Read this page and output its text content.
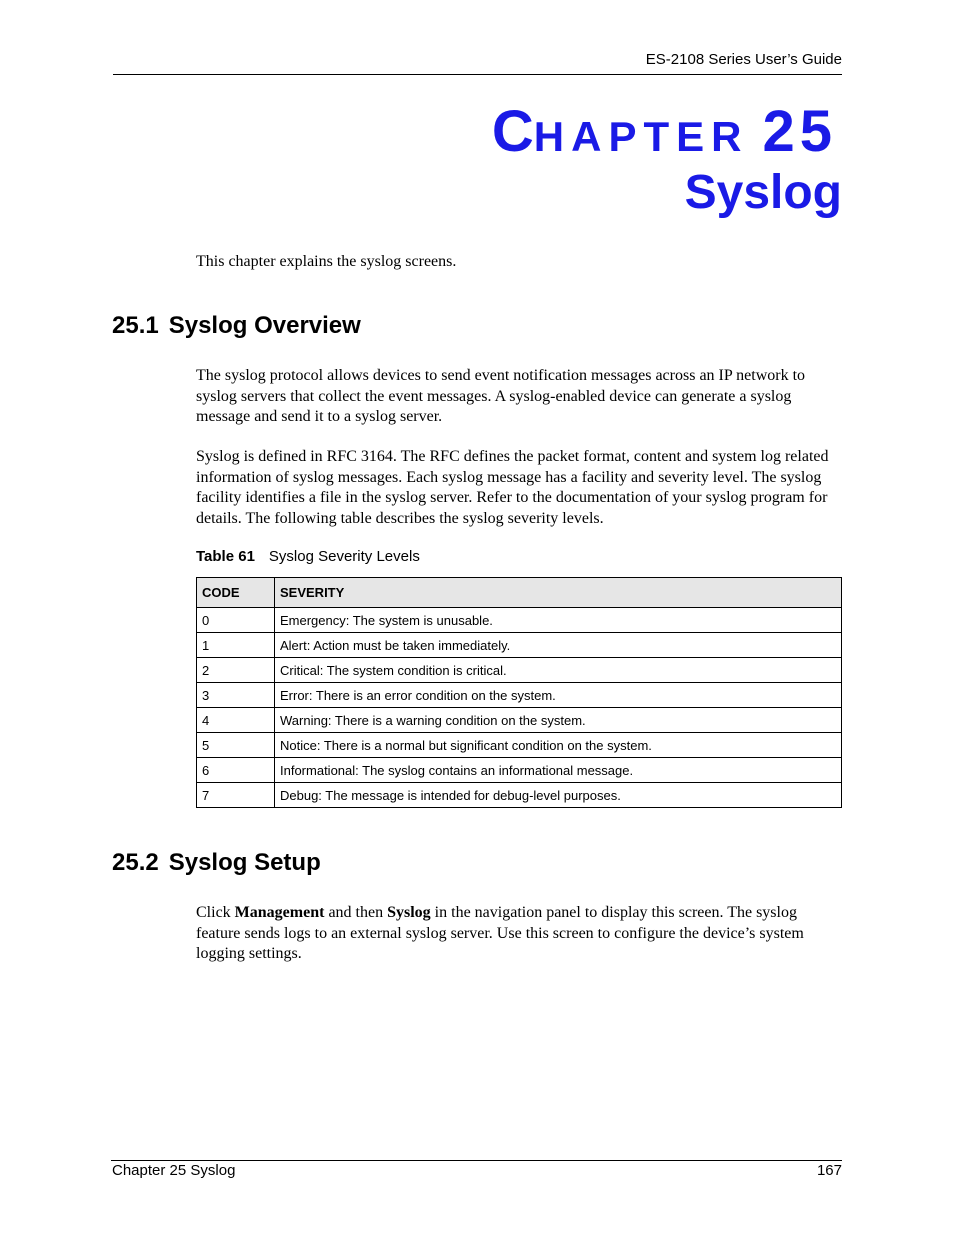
ES-2108 Series User’s Guide
CHAPTER 25
Syslog
This chapter explains the syslog screens.
25.1 Syslog Overview
The syslog protocol allows devices to send event notification messages across an IP network to syslog servers that collect the event messages. A syslog-enabled device can generate a syslog message and send it to a syslog server.
Syslog is defined in RFC 3164. The RFC defines the packet format, content and system log related information of syslog messages. Each syslog message has a facility and severity level. The syslog facility identifies a file in the syslog server. Refer to the documentation of your syslog program for details. The following table describes the syslog severity levels.
Table 61 Syslog Severity Levels
CODE	SEVERITY
0	Emergency: The system is unusable.
1	Alert: Action must be taken immediately.
2	Critical: The system condition is critical.
3	Error: There is an error condition on the system.
4	Warning: There is a warning condition on the system.
5	Notice: There is a normal but significant condition on the system.
6	Informational: The syslog contains an informational message.
7	Debug: The message is intended for debug-level purposes.
25.2 Syslog Setup
Click Management and then Syslog in the navigation panel to display this screen. The syslog feature sends logs to an external syslog server. Use this screen to configure the device’s system logging settings.
Chapter 25 Syslog	167
